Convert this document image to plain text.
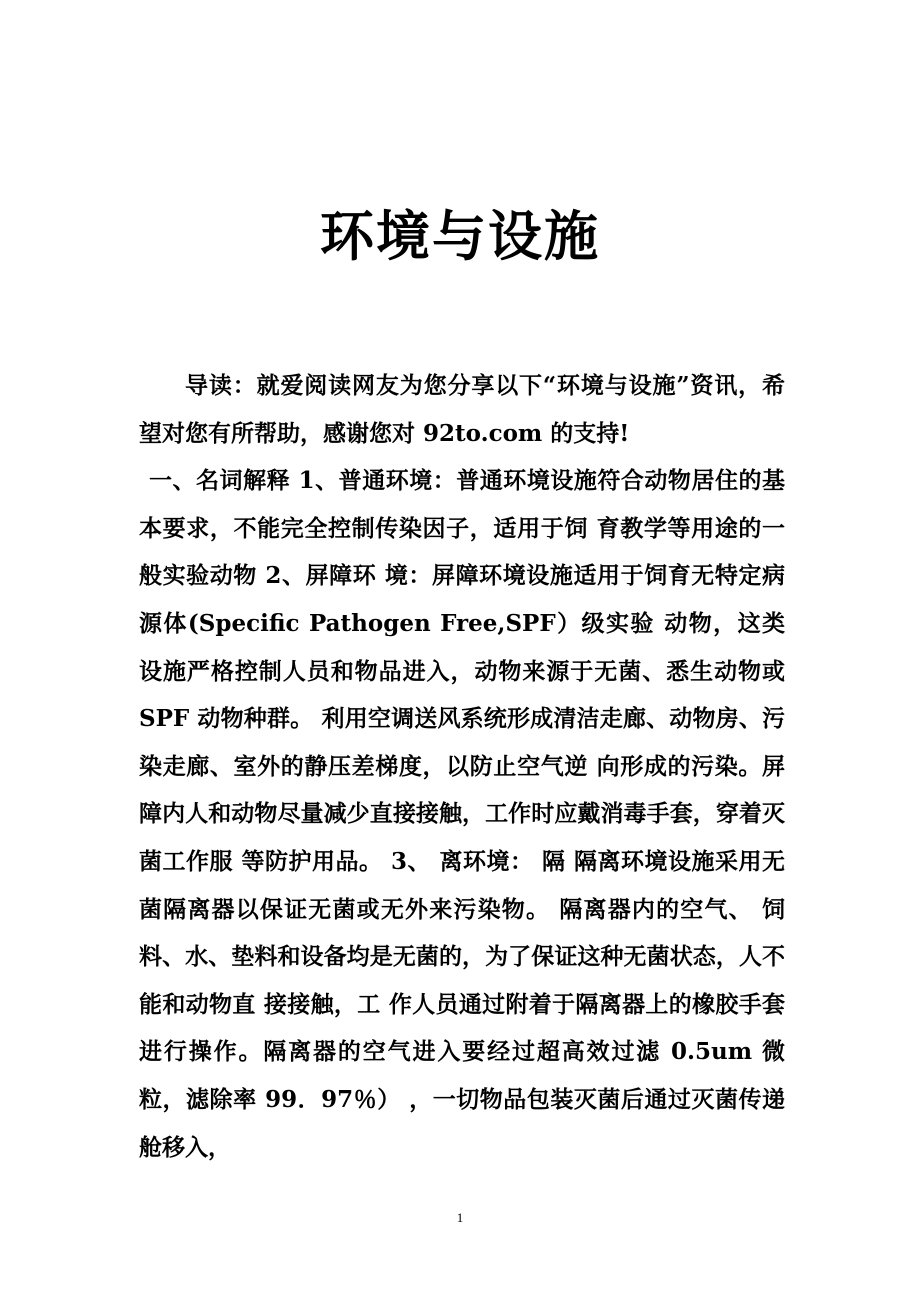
环境与设施

导读：就爱阅读网友为您分享以下“环境与设施”资讯，希望对您有所帮助，感谢您对 92to.com 的支持!

一、名词解释 1、普通环境：普通环境设施符合动物居住的基本要求，不能完全控制传染因子，适用于饲 育教学等用途的一般实验动物 2、屏障环 境：屏障环境设施适用于饲育无特定病源体(Specific Pathogen Free,SPF）级实验 动物，这类设施严格控制人员和物品进入，动物来源于无菌、悉生动物或 SPF 动物种群。 利用空调送风系统形成清洁走廊、动物房、污 染走廊、室外的静压差梯度，以防止空气逆 向形成的污染。屏障内人和动物尽量减少直接接触，工作时应戴消毒手套，穿着灭菌工作服 等防护用品。 3、 离环境： 隔 隔离环境设施采用无菌隔离器以保证无菌或无外来污染物。 隔离器内的空气、 饲料、水、垫料和设备均是无菌的，为了保证这种无菌状态，人不能和动物直 接接触，工 作人员通过附着于隔离器上的橡胶手套进行操作。隔离器的空气进入要经过超高效过滤 0.5um 微粒，滤除率 99．97％） ，一切物品包装灭菌后通过灭菌传递舱移入，

1
